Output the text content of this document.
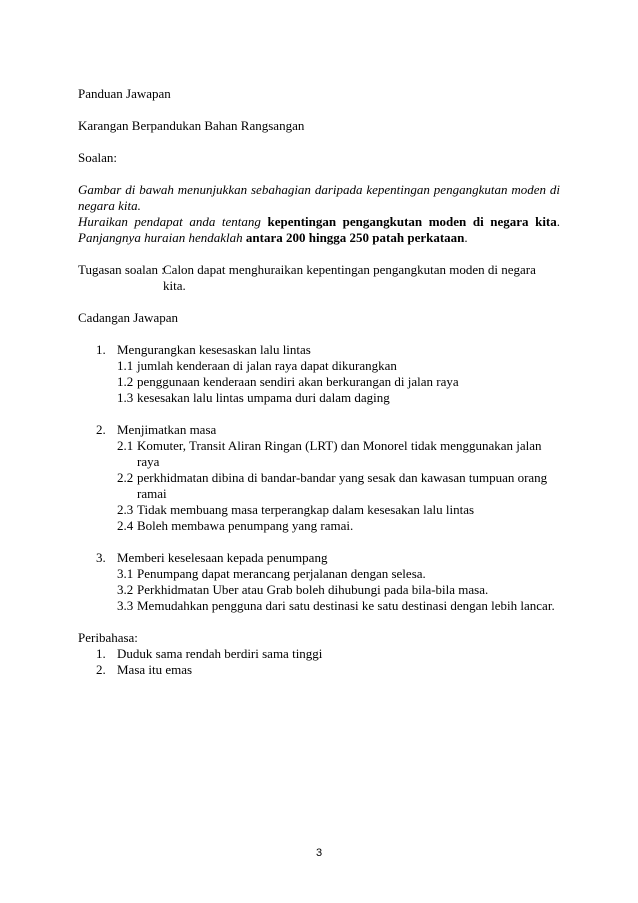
Panduan Jawapan
Karangan Berpandukan Bahan Rangsangan
Soalan:
Gambar di bawah menunjukkan sebahagian daripada kepentingan pengangkutan moden di
negara kita.
Huraikan pendapat anda tentang kepentingan pengangkutan moden di negara kita.
Panjangnya huraian hendaklah antara 200 hingga 250 patah perkataan.
Tugasan soalan :
Calon dapat menghuraikan kepentingan pengangkutan moden di negara
kita.
Cadangan Jawapan
1. Mengurangkan kesesaskan lalu lintas
1.1 jumlah kenderaan di jalan raya dapat dikurangkan
1.2 penggunaan kenderaan sendiri akan berkurangan di jalan raya
1.3 kesesakan lalu lintas umpama duri dalam daging
2. Menjimatkan masa
2.1 Komuter, Transit Aliran Ringan (LRT) dan Monorel tidak menggunakan jalan
raya
2.2 perkhidmatan dibina di bandar-bandar yang sesak dan kawasan tumpuan orang
ramai
2.3 Tidak membuang masa terperangkap dalam kesesakan lalu lintas
2.4 Boleh membawa penumpang yang ramai.
3. Memberi keselesaan kepada penumpang
3.1 Penumpang dapat merancang perjalanan dengan selesa.
3.2 Perkhidmatan Uber atau Grab boleh dihubungi pada bila-bila masa.
3.3 Memudahkan pengguna dari satu destinasi ke satu destinasi dengan lebih lancar.
Peribahasa:
1. Duduk sama rendah berdiri sama tinggi
2. Masa itu emas
3
